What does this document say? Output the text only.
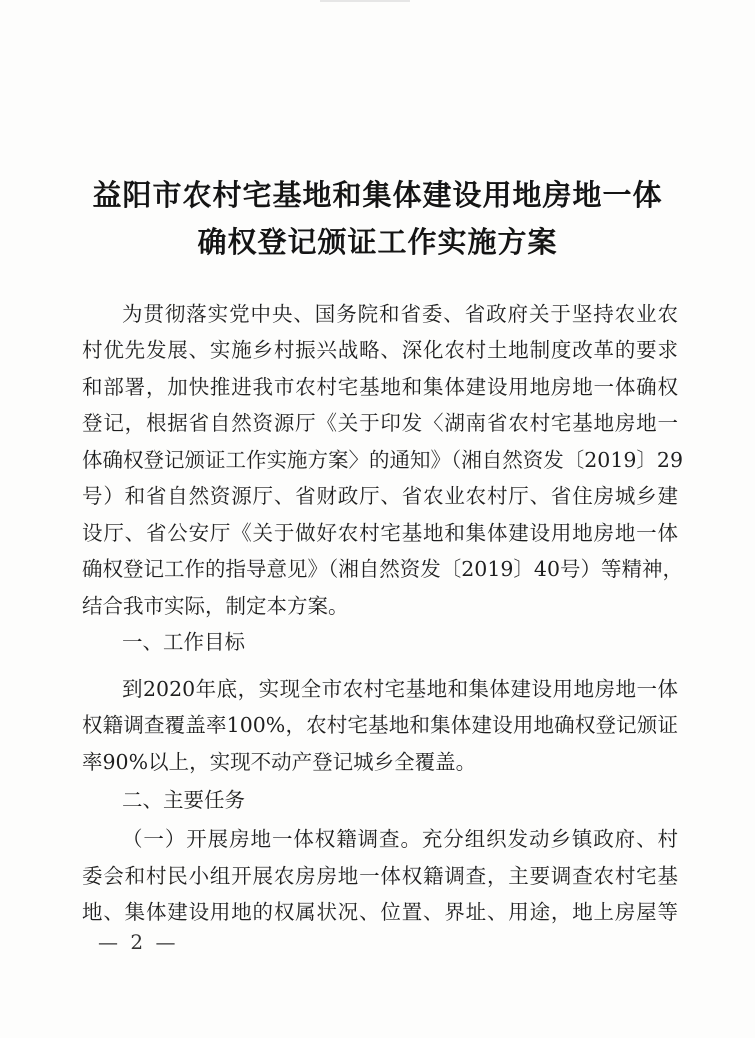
益阳市农村宅基地和集体建设用地房地一体
确权登记颁证工作实施方案
为贯彻落实党中央、国务院和省委、省政府关于坚持农业农
村优先发展、实施乡村振兴战略、深化农村土地制度改革的要求
和部署，加快推进我市农村宅基地和集体建设用地房地一体确权
登记，根据省自然资源厅《关于印发〈湖南省农村宅基地房地一
体确权登记颁证工作实施方案〉的通知》（湘自然资发〔2019〕29
号）和省自然资源厅、省财政厅、省农业农村厅、省住房城乡建
设厅、省公安厅《关于做好农村宅基地和集体建设用地房地一体
确权登记工作的指导意见》（湘自然资发〔2019〕40号）等精神，
结合我市实际，制定本方案。
一、工作目标
到2020年底，实现全市农村宅基地和集体建设用地房地一体
权籍调查覆盖率100%，农村宅基地和集体建设用地确权登记颁证
率90%以上，实现不动产登记城乡全覆盖。
二、主要任务
（一）开展房地一体权籍调查。充分组织发动乡镇政府、村
委会和村民小组开展农房房地一体权籍调查，主要调查农村宅基
地、集体建设用地的权属状况、位置、界址、用途，地上房屋等
— 2 —
